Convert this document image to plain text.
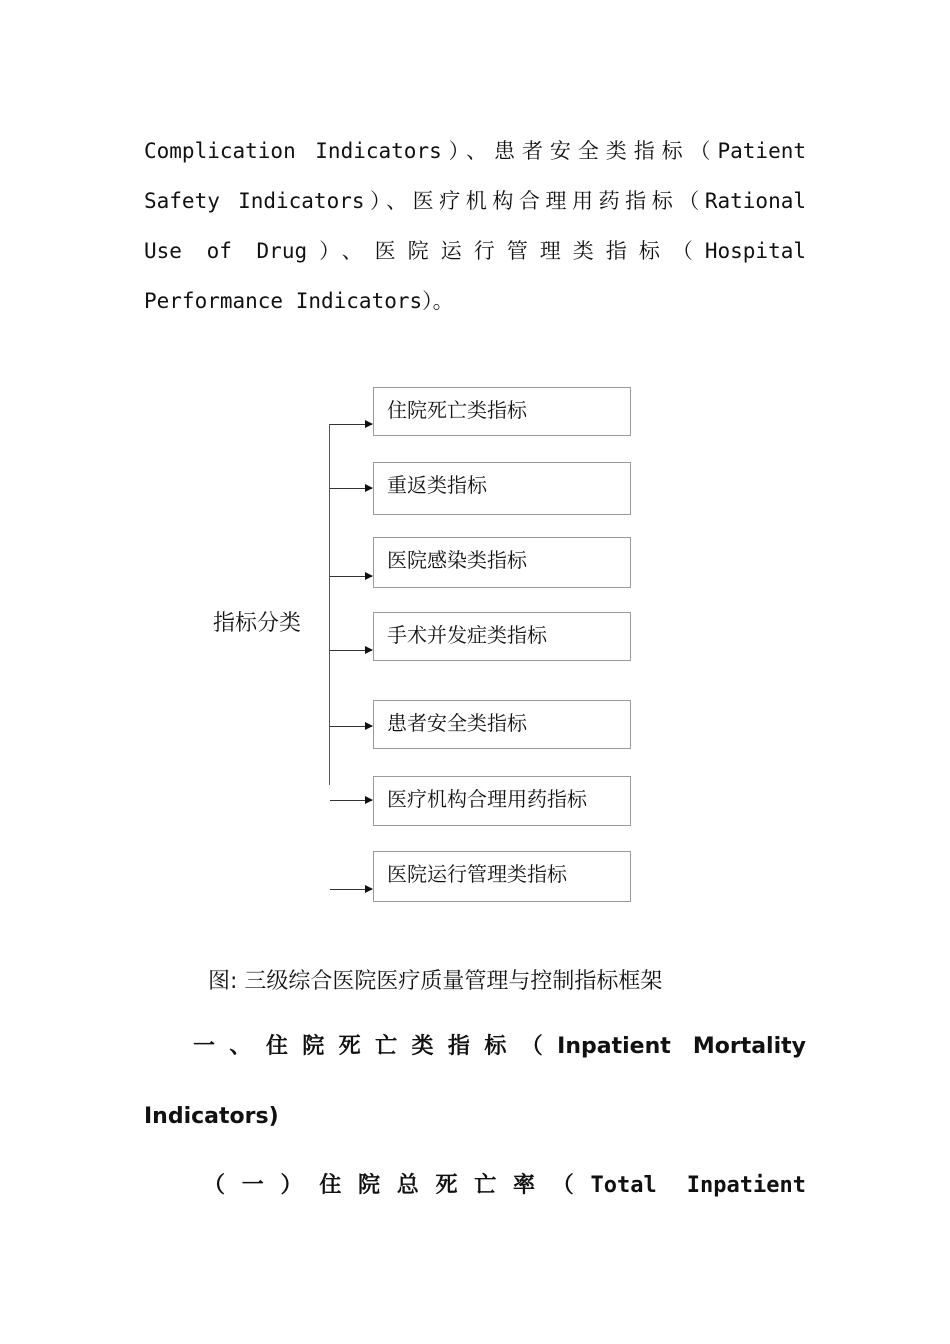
Complication Indicators）、患者安全类指标（Patient
Safety Indicators）、医疗机构合理用药指标（Rational
Use of Drug）、医院运行管理类指标（Hospital
Performance Indicators）。
指标分类
住院死亡类指标
重返类指标
医院感染类指标
手术并发症类指标
患者安全类指标
医疗机构合理用药指标
医院运行管理类指标
图: 三级综合医院医疗质量管理与控制指标框架
一、住院死亡类指标（Inpatient Mortality
Indicators)
（一）住院总死亡率（Total Inpatient
